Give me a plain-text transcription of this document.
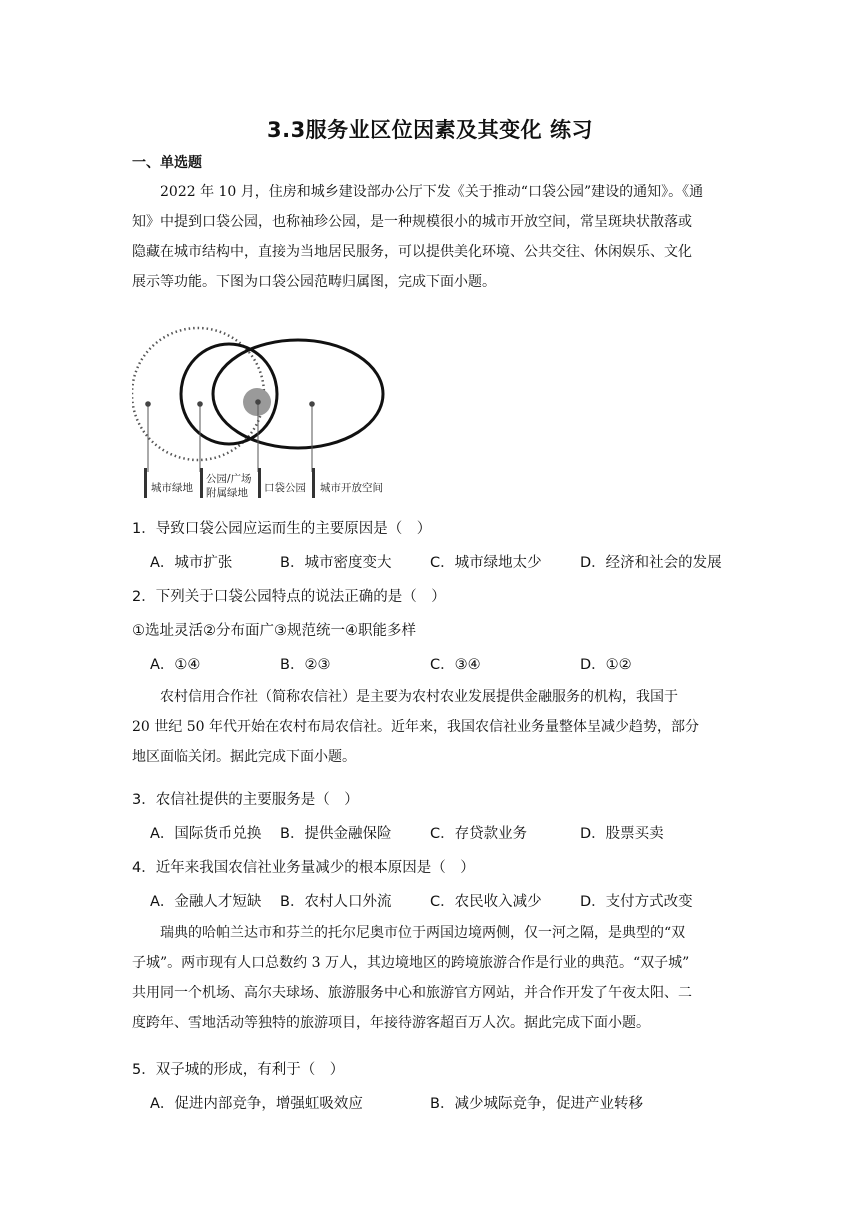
3.3服务业区位因素及其变化 练习
一、单选题
2022 年 10 月，住房和城乡建设部办公厅下发《关于推动“口袋公园”建设的通知》。《通
知》中提到口袋公园，也称袖珍公园，是一种规模很小的城市开放空间，常呈斑块状散落或
隐藏在城市结构中，直接为当地居民服务，可以提供美化环境、公共交往、休闲娱乐、文化
展示等功能。下图为口袋公园范畴归属图，完成下面小题。
城市绿地
公园/广场
附属绿地 口袋公园 城市开放空间
1．导致口袋公园应运而生的主要原因是（　）
A．城市扩张	B．城市密度变大	C．城市绿地太少	D．经济和社会的发展
2．下列关于口袋公园特点的说法正确的是（　）
①选址灵活②分布面广③规范统一④职能多样
A．①④	B．②③	C．③④	D．①②
农村信用合作社（简称农信社）是主要为农村农业发展提供金融服务的机构，我国于
20 世纪 50 年代开始在农村布局农信社。近年来，我国农信社业务量整体呈减少趋势，部分
地区面临关闭。据此完成下面小题。
3．农信社提供的主要服务是（　）
A．国际货币兑换 B．提供金融保险	C．存贷款业务	D．股票买卖
4．近年来我国农信社业务量减少的根本原因是（　）
A．金融人才短缺 B．农村人口外流	C．农民收入减少	D．支付方式改变
瑞典的哈帕兰达市和芬兰的托尔尼奥市位于两国边境两侧，仅一河之隔，是典型的“双
子城”。两市现有人口总数约 3 万人，其边境地区的跨境旅游合作是行业的典范。“双子城”
共用同一个机场、高尔夫球场、旅游服务中心和旅游官方网站，并合作开发了午夜太阳、二
度跨年、雪地活动等独特的旅游项目，年接待游客超百万人次。据此完成下面小题。
5．双子城的形成，有利于（　）
A．促进内部竞争，增强虹吸效应	B．减少城际竞争，促进产业转移
